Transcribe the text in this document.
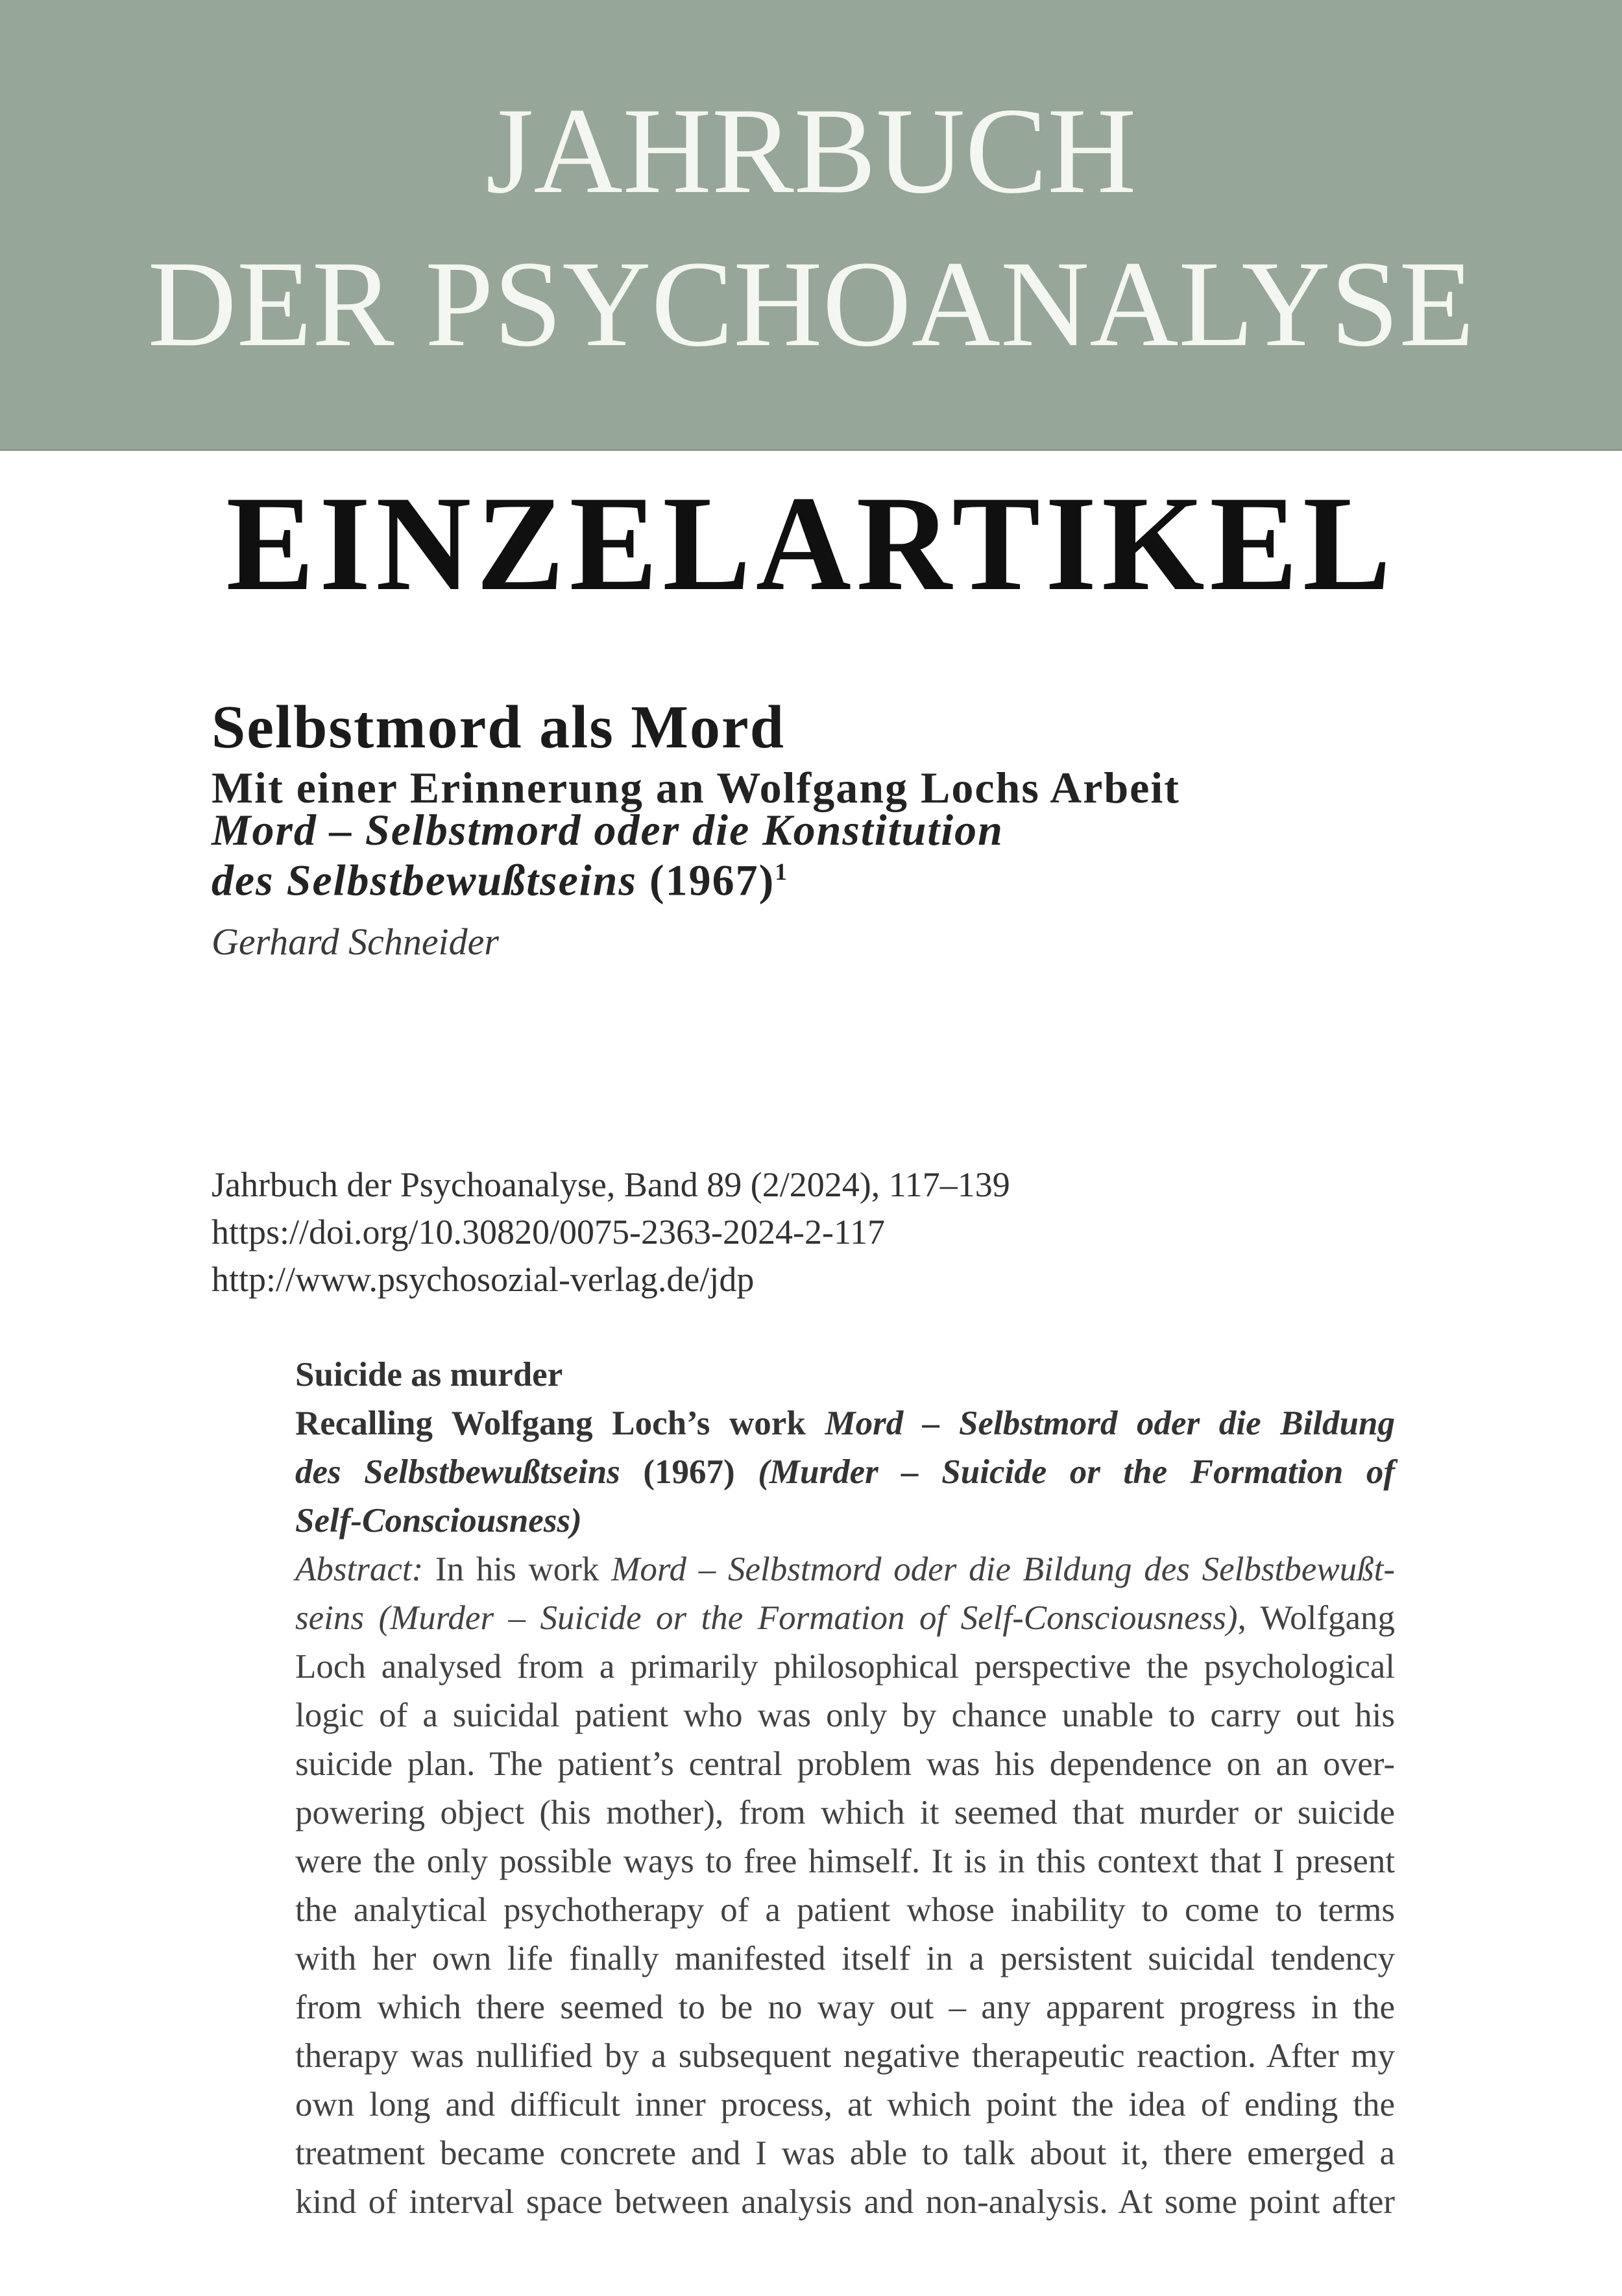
JAHRBUCH
DER PSYCHOANALYSE
EINZELARTIKEL
Selbstmord als Mord
Mit einer Erinnerung an Wolfgang Lochs Arbeit
Mord – Selbstmord oder die Konstitution
des Selbstbewußtseins $(1967)^1$
Gerhard Schneider
Jahrbuch der Psychoanalyse, Band 89 (2/2024), 117–139
https://doi.org/10.30820/0075-2363-2024-2-117
http://www.psychosozial-verlag.de/jdp
Suicide as murder
Recalling Wolfgang Loch’s work Mord – Selbstmord oder die Bildung
des Selbstbewußtseins (1967) (Murder – Suicide or the Formation of
Self-Consciousness)
Abstract: In his work Mord – Selbstmord oder die Bildung des Selbstbewußt-
seins (Murder – Suicide or the Formation of Self-Consciousness), Wolfgang
Loch analysed from a primarily philosophical perspective the psychological
logic of a suicidal patient who was only by chance unable to carry out his
suicide plan. The patient’s central problem was his dependence on an over-
powering object (his mother), from which it seemed that murder or suicide
were the only possible ways to free himself. It is in this context that I present
the analytical psychotherapy of a patient whose inability to come to terms
with her own life finally manifested itself in a persistent suicidal tendency
from which there seemed to be no way out – any apparent progress in the
therapy was nullified by a subsequent negative therapeutic reaction. After my
own long and difficult inner process, at which point the idea of ending the
treatment became concrete and I was able to talk about it, there emerged a
kind of interval space between analysis and non-analysis. At some point after
